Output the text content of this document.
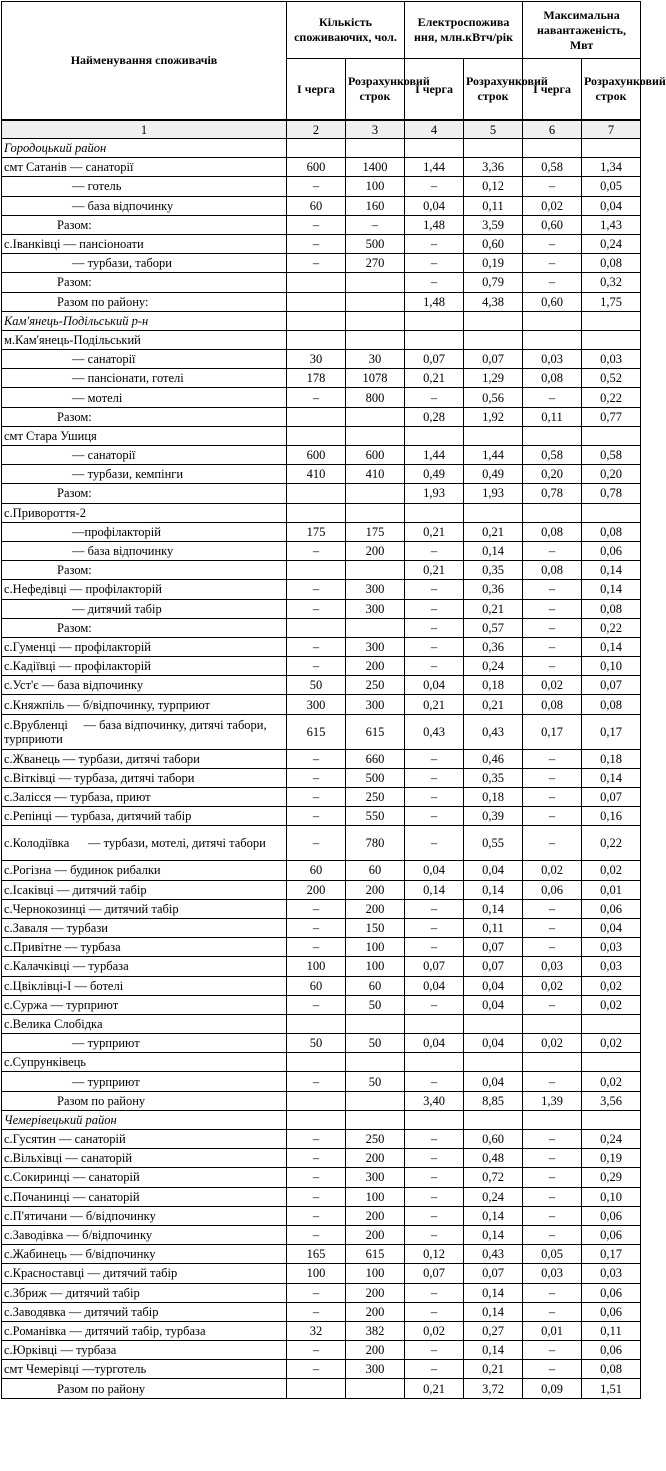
Найменування споживачів	Кількість споживаючих, чол.		Електроспожива ння, млн.кВтч/рік		Максимальна навантаженість, Мвт	
	І черга	Розрахунковий строк	І черга	Розрахунковий строк	І черга	Розрахунковий строк
1	2	3	4	5	6	7
Городоцький район						
смт Сатанів — санаторії	600	1400	1,44	3,36	0,58	1,34
— готель	–	100	–	0,12	–	0,05
— база відпочинку	60	160	0,04	0,11	0,02	0,04
Разом:	–	–	1,48	3,59	0,60	1,43
с.Іванківці — пансіоноати	–	500	–	0,60	–	0,24
— турбази, табори	–	270	–	0,19	–	0,08
Разом:			–	0,79	–	0,32
Разом по району:			1,48	4,38	0,60	1,75
Кам'янець-Подільський р-н						
м.Кам'янець-Подільський						
— санаторії	30	30	0,07	0,07	0,03	0,03
— пансіонати, готелі	178	1078	0,21	1,29	0,08	0,52
— мотелі	–	800	–	0,56	–	0,22
Разом:			0,28	1,92	0,11	0,77
смт Стара Ушиця						
— санаторії	600	600	1,44	1,44	0,58	0,58
— турбази, кемпінги	410	410	0,49	0,49	0,20	0,20
Разом:			1,93	1,93	0,78	0,78
с.Привороття-2						
—профілакторій	175	175	0,21	0,21	0,08	0,08
— база відпочинку	–	200	–	0,14	–	0,06
Разом:			0,21	0,35	0,08	0,14
с.Нефедівці — профілакторій	–	300	–	0,36	–	0,14
— дитячий табір	–	300	–	0,21	–	0,08
Разом:			–	0,57	–	0,22
с.Гуменці — профілакторій	–	300	–	0,36	–	0,14
с.Кадіївці — профілакторій	–	200	–	0,24	–	0,10
с.Уст'є — база відпочинку	50	250	0,04	0,18	0,02	0,07
с.Княжпіль — б/відпочинку, турприют	300	300	0,21	0,21	0,08	0,08
с.Врубленці     — база відпочинку, дитячі табори, турприюти	615	615	0,43	0,43	0,17	0,17
с.Жванець — турбази, дитячі табори	–	660	–	0,46	–	0,18
с.Вітківці — турбаза, дитячі табори	–	500	–	0,35	–	0,14
с.Залісся — турбаза, приют	–	250	–	0,18	–	0,07
с.Репінці — турбаза, дитячий табір	–	550	–	0,39	–	0,16
с.Колодіївка      — турбази, мотелі, дитячі табори	–	780	–	0,55	–	0,22
с.Рогізна — будинок рибалки	60	60	0,04	0,04	0,02	0,02
с.Ісаківці — дитячий табір	200	200	0,14	0,14	0,06	0,01
с.Чернокозинці — дитячий табір	–	200	–	0,14	–	0,06
с.Заваля — турбази	–	150	–	0,11	–	0,04
с.Привітне — турбаза	–	100	–	0,07	–	0,03
с.Калачківці — турбаза	100	100	0,07	0,07	0,03	0,03
с.Цвіклівці-І — ботелі	60	60	0,04	0,04	0,02	0,02
с.Суржа — турприют	–	50	–	0,04	–	0,02
с.Велика Слобідка						
— турприют	50	50	0,04	0,04	0,02	0,02
с.Супрунківець						
— турприют	–	50	–	0,04	–	0,02
Разом по району			3,40	8,85	1,39	3,56
Чемерівецький район						
с.Гусятин — санаторій	–	250	–	0,60	–	0,24
с.Вільхівці — санаторій	–	200	–	0,48	–	0,19
с.Сокиринці — санаторій	–	300	–	0,72	–	0,29
с.Почанинці — санаторій	–	100	–	0,24	–	0,10
с.П'ятичани — б/відпочинку	–	200	–	0,14	–	0,06
с.Заводівка — б/відпочинку	–	200	–	0,14	–	0,06
с.Жабинець — б/відпочинку	165	615	0,12	0,43	0,05	0,17
с.Красноставці — дитячий табір	100	100	0,07	0,07	0,03	0,03
с.Збриж — дитячий табір	–	200	–	0,14	–	0,06
с.Заводявка — дитячий табір	–	200	–	0,14	–	0,06
с.Романівка — дитячий табір, турбаза	32	382	0,02	0,27	0,01	0,11
с.Юрківці — турбаза	–	200	–	0,14	–	0,06
смт Чемерівці —турготель	–	300	–	0,21	–	0,08
Разом по району			0,21	3,72	0,09	1,51
